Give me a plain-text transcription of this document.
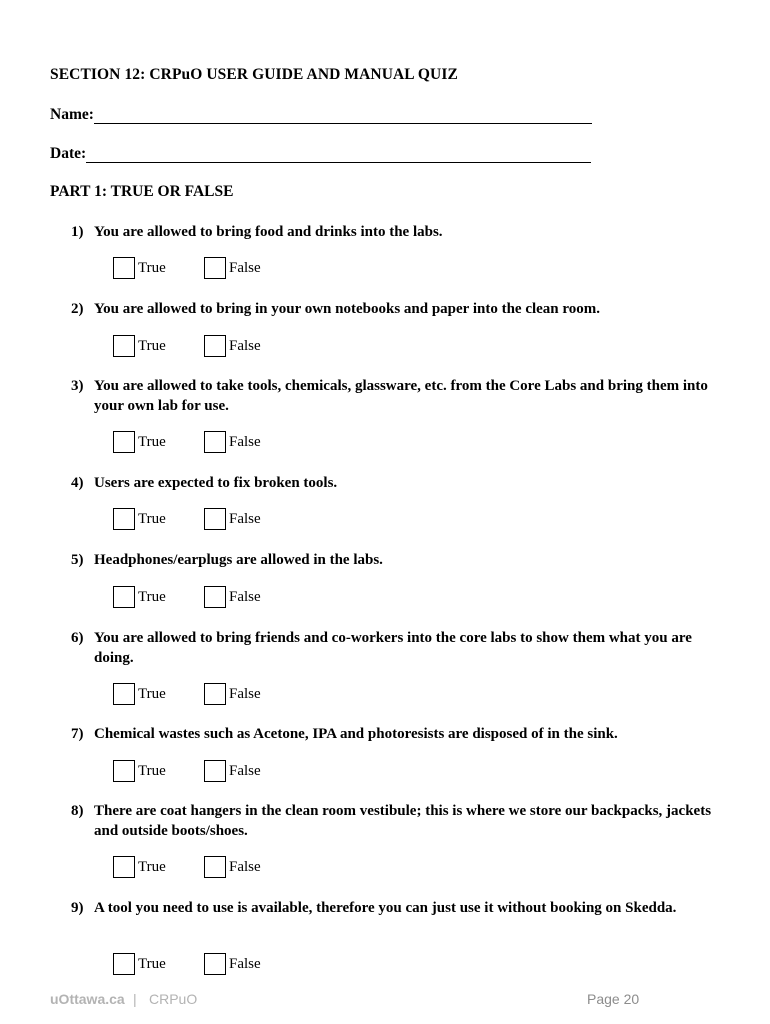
SECTION 12: CRPuO USER GUIDE AND MANUAL QUIZ
Name:
Date:
PART 1: TRUE OR FALSE
1) You are allowed to bring food and drinks into the labs.
True	False
2) You are allowed to bring in your own notebooks and paper into the clean room.
True	False
3) You are allowed to take tools, chemicals, glassware, etc. from the Core Labs and bring them into your own lab for use.
True	False
4) Users are expected to fix broken tools.
True	False
5) Headphones/earplugs are allowed in the labs.
True	False
6) You are allowed to bring friends and co-workers into the core labs to show them what you are doing.
True	False
7) Chemical wastes such as Acetone, IPA and photoresists are disposed of in the sink.
True	False
8) There are coat hangers in the clean room vestibule; this is where we store our backpacks, jackets and outside boots/shoes.
True	False
9) A tool you need to use is available, therefore you can just use it without booking on Skedda.
True	False
uOttawa.ca | CRPuO	Page 20
